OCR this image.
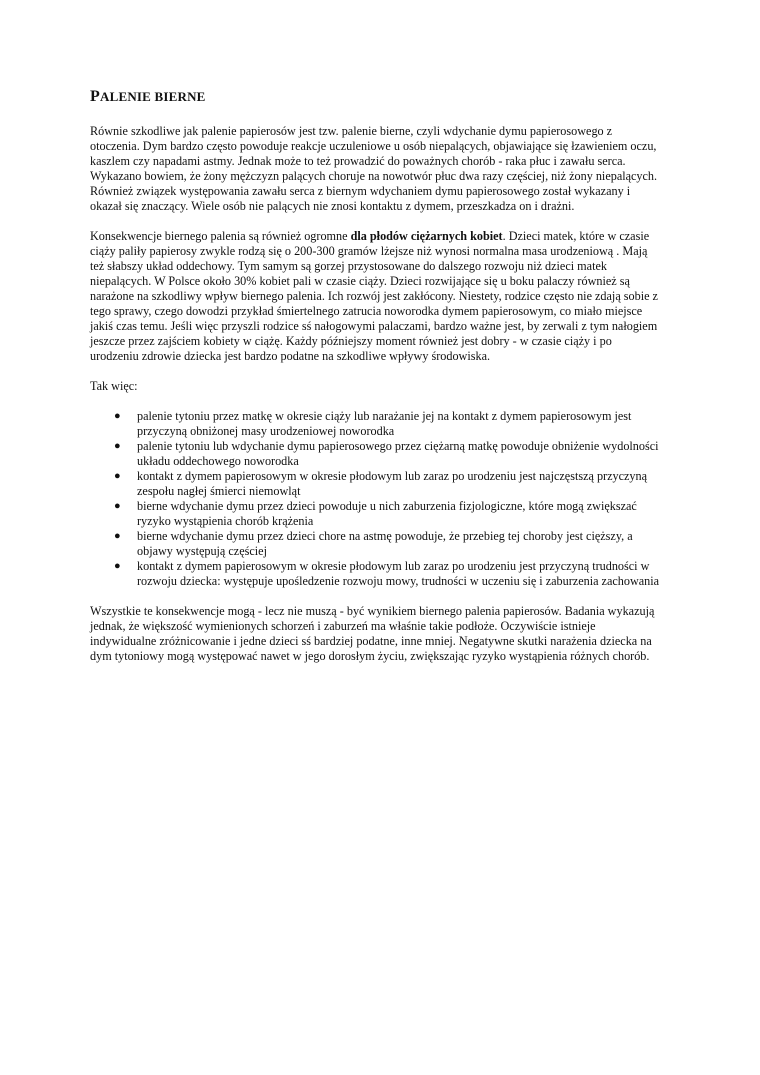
PALENIE BIERNE

Równie szkodliwe jak palenie papierosów jest tzw. palenie bierne, czyli wdychanie dymu papierosowego z otoczenia. Dym bardzo często powoduje reakcje uczuleniowe u osób niepalących, objawiające się łzawieniem oczu, kaszlem czy napadami astmy. Jednak może to też prowadzić do poważnych chorób - raka płuc i zawału serca. Wykazano bowiem, że żony mężczyzn palących choruje na nowotwór płuc dwa razy częściej, niż żony niepalących. Również związek występowania zawału serca z biernym wdychaniem dymu papierosowego został wykazany i okazał się znaczący. Wiele osób nie palących nie znosi kontaktu z dymem, przeszkadza on i drażni.

Konsekwencje biernego palenia są również ogromne dla płodów ciężarnych kobiet. Dzieci matek, które w czasie ciąży paliły papierosy zwykle rodzą się o 200-300 gramów lżejsze niż wynosi normalna masa urodzeniową . Mają też słabszy układ oddechowy. Tym samym są gorzej przystosowane do dalszego rozwoju niż dzieci matek niepalących. W Polsce około 30% kobiet pali w czasie ciąży. Dzieci rozwijające się u boku palaczy również są narażone na szkodliwy wpływ biernego palenia. Ich rozwój jest zakłócony. Niestety, rodzice często nie zdają sobie z tego sprawy, czego dowodzi przykład śmiertelnego zatrucia noworodka dymem papierosowym, co miało miejsce jakiś czas temu. Jeśli więc przyszli rodzice sś nałogowymi palaczami, bardzo ważne jest, by zerwali z tym nałogiem jeszcze przez zajściem kobiety w ciążę. Każdy późniejszy moment również jest dobry - w czasie ciąży i po urodzeniu zdrowie dziecka jest bardzo podatne na szkodliwe wpływy środowiska.

Tak więc:

● palenie tytoniu przez matkę w okresie ciąży lub narażanie jej na kontakt z dymem papierosowym jest przyczyną obniżonej masy urodzeniowej noworodka
● palenie tytoniu lub wdychanie dymu papierosowego przez ciężarną matkę powoduje obniżenie wydolności układu oddechowego noworodka
● kontakt z dymem papierosowym w okresie płodowym lub zaraz po urodzeniu jest najczęstszą przyczyną zespołu nagłej śmierci niemowląt
● bierne wdychanie dymu przez dzieci powoduje u nich zaburzenia fizjologiczne, które mogą zwiększać ryzyko wystąpienia chorób krążenia
● bierne wdychanie dymu przez dzieci chore na astmę powoduje, że przebieg tej choroby jest cięższy, a objawy występują częściej
● kontakt z dymem papierosowym w okresie płodowym lub zaraz po urodzeniu jest przyczyną trudności w rozwoju dziecka: występuje upośledzenie rozwoju mowy, trudności w uczeniu się i zaburzenia zachowania

Wszystkie te konsekwencje mogą - lecz nie muszą - być wynikiem biernego palenia papierosów. Badania wykazują jednak, że większość wymienionych schorzeń i zaburzeń ma właśnie takie podłoże. Oczywiście istnieje indywidualne zróżnicowanie i jedne dzieci sś bardziej podatne, inne mniej. Negatywne skutki narażenia dziecka na dym tytoniowy mogą występować nawet w jego dorosłym życiu, zwiększając ryzyko wystąpienia różnych chorób.
